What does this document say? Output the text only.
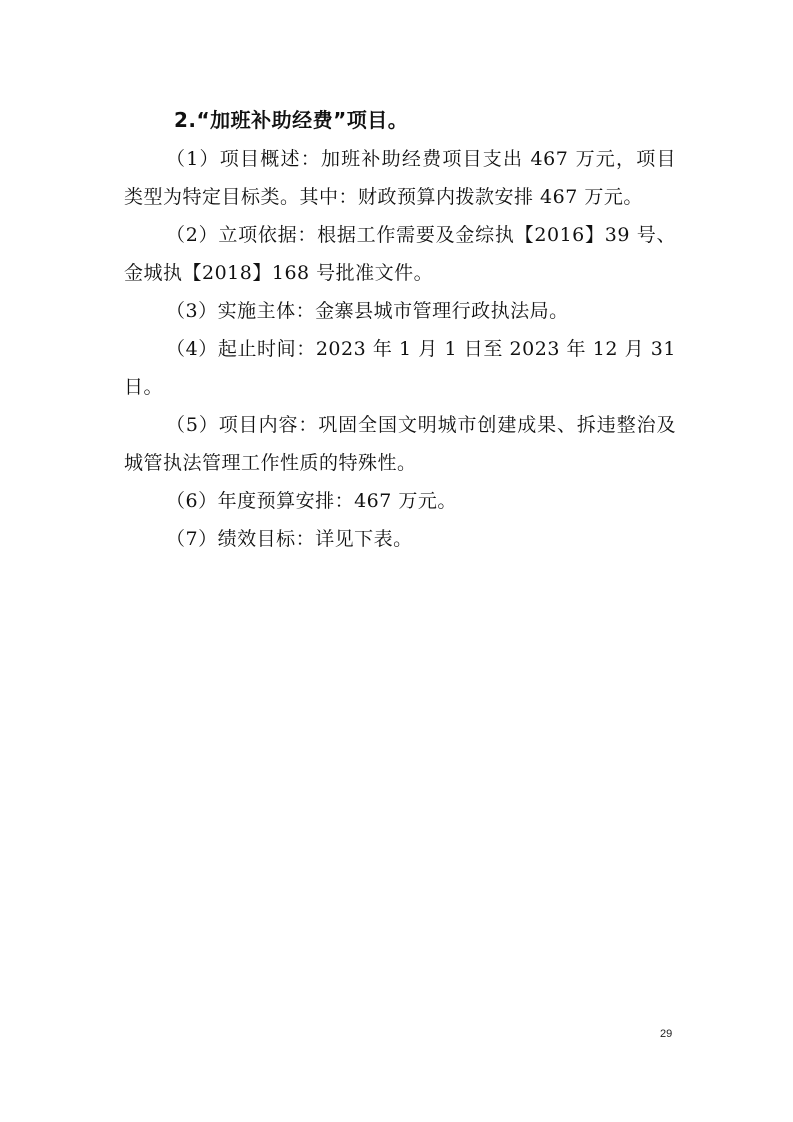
2.“加班补助经费”项目。

（1）项目概述：加班补助经费项目支出 467 万元，项目类型为特定目标类。其中：财政预算内拨款安排 467 万元。

（2）立项依据：根据工作需要及金综执【2016】39 号、金城执【2018】168 号批准文件。

（3）实施主体：金寨县城市管理行政执法局。

（4）起止时间：2023 年 1 月 1 日至 2023 年 12 月 31 日。

（5）项目内容：巩固全国文明城市创建成果、拆违整治及城管执法管理工作性质的特殊性。

（6）年度预算安排：467 万元。

（7）绩效目标：详见下表。

29
